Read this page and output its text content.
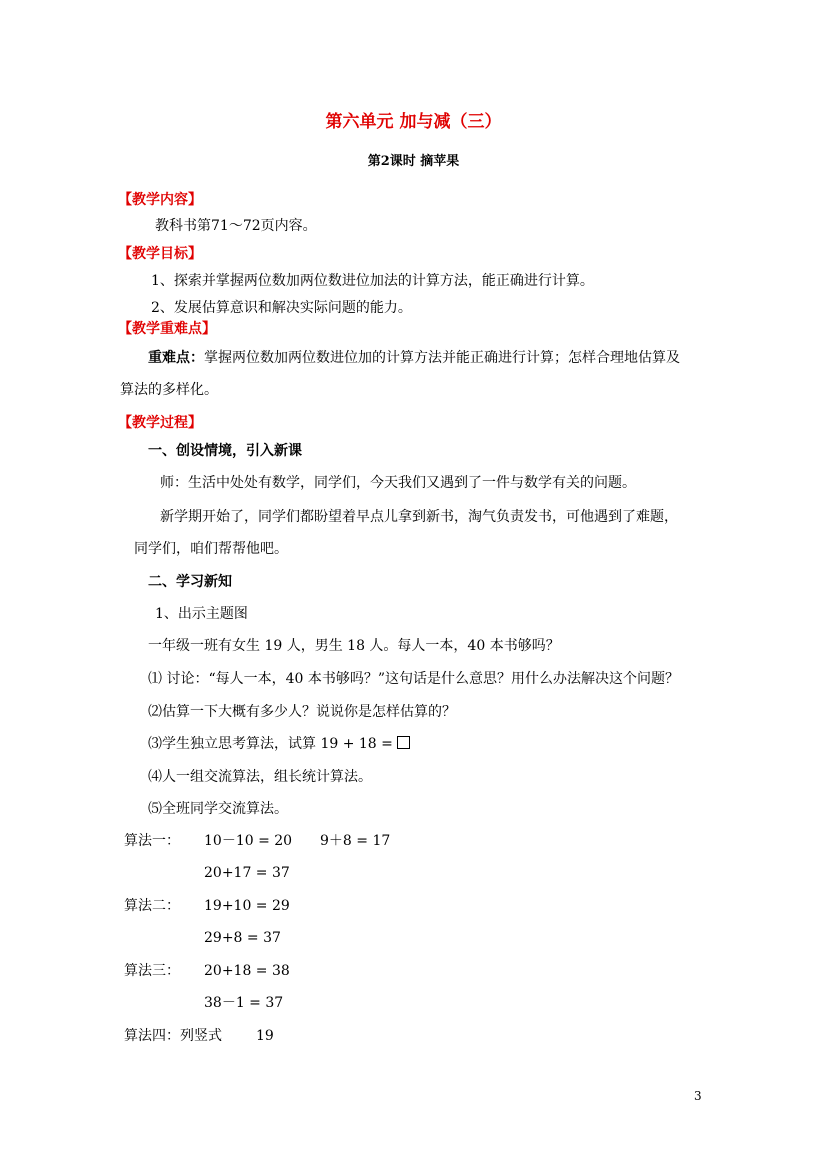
第六单元 加与减（三）
第2课时 摘苹果
【教学内容】
教科书第71～72页内容。
【教学目标】
1、探索并掌握两位数加两位数进位加法的计算方法，能正确进行计算。
2、发展估算意识和解决实际问题的能力。
【教学重难点】
重难点：掌握两位数加两位数进位加的计算方法并能正确进行计算；怎样合理地估算及
算法的多样化。
【教学过程】
一、创设情境，引入新课
师：生活中处处有数学，同学们，今天我们又遇到了一件与数学有关的问题。
新学期开始了，同学们都盼望着早点儿拿到新书，淘气负责发书，可他遇到了难题，
同学们，咱们帮帮他吧。
二、学习新知
1、出示主题图
一年级一班有女生 19 人，男生 18 人。每人一本，40 本书够吗？
⑴ 讨论：“每人一本，40 本书够吗？”这句话是什么意思？用什么办法解决这个问题？
⑵估算一下大概有多少人？说说你是怎样估算的？
⑶学生独立思考算法，试算 19 + 18 =
⑷人一组交流算法，组长统计算法。
⑸全班同学交流算法。
算法一： 10－10 = 20 9＋8 = 17
20+17 = 37
算法二： 19+10 = 29
29+8 = 37
算法三： 20+18 = 38
38－1 = 37
算法四：列竖式 19
3
